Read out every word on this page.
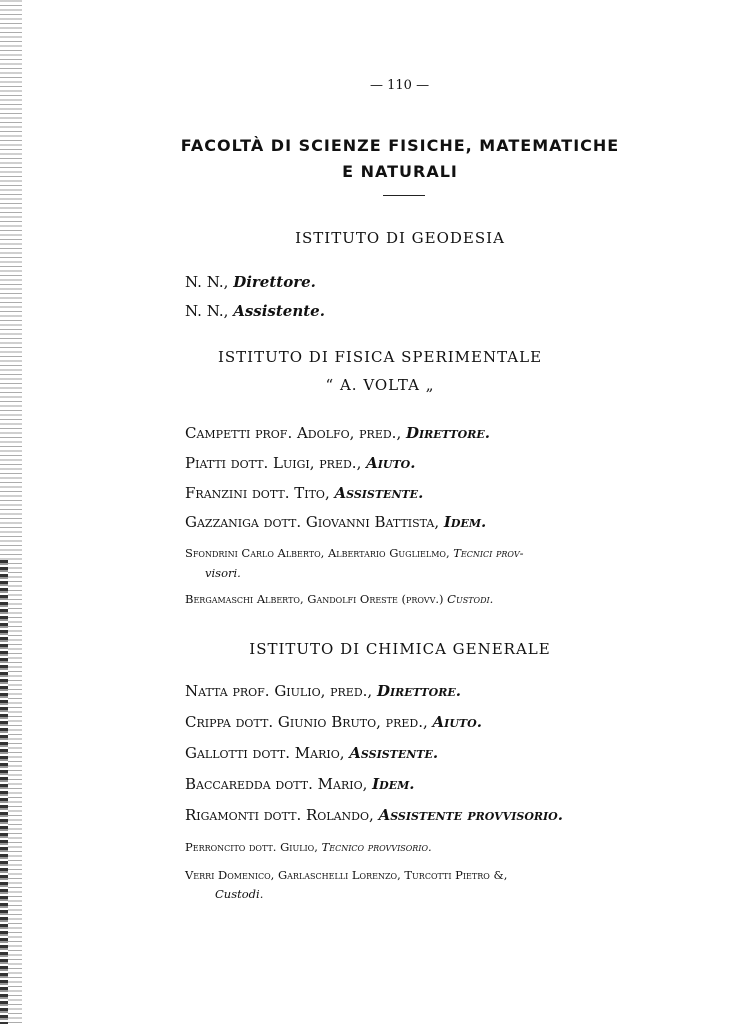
— 110 —
FACOLTÀ DI SCIENZE FISICHE, MATEMATICHE
E NATURALI
ISTITUTO DI GEODESIA
N. N., Direttore.
N. N., Assistente.
ISTITUTO DI FISICA SPERIMENTALE
“ A. VOLTA „
Campetti prof. Adolfo, pred., Direttore.
Piatti dott. Luigi, pred., Aiuto.
Franzini dott. Tito, Assistente.
Gazzaniga dott. Giovanni Battista, Idem.
Sfondrini Carlo Alberto, Albertario Guglielmo, Tecnici prov-
visori.
Bergamaschi Alberto, Gandolfi Oreste (provv.) Custodi.
ISTITUTO DI CHIMICA GENERALE
Natta prof. Giulio, pred., Direttore.
Crippa dott. Giunio Bruto, pred., Aiuto.
Gallotti dott. Mario, Assistente.
Baccaredda dott. Mario, Idem.
Rigamonti dott. Rolando, Assistente provvisorio.
Perroncito dott. Giulio, Tecnico provvisorio.
Verri Domenico, Garlaschelli Lorenzo, Turcotti Pietro &,
Custodi.
